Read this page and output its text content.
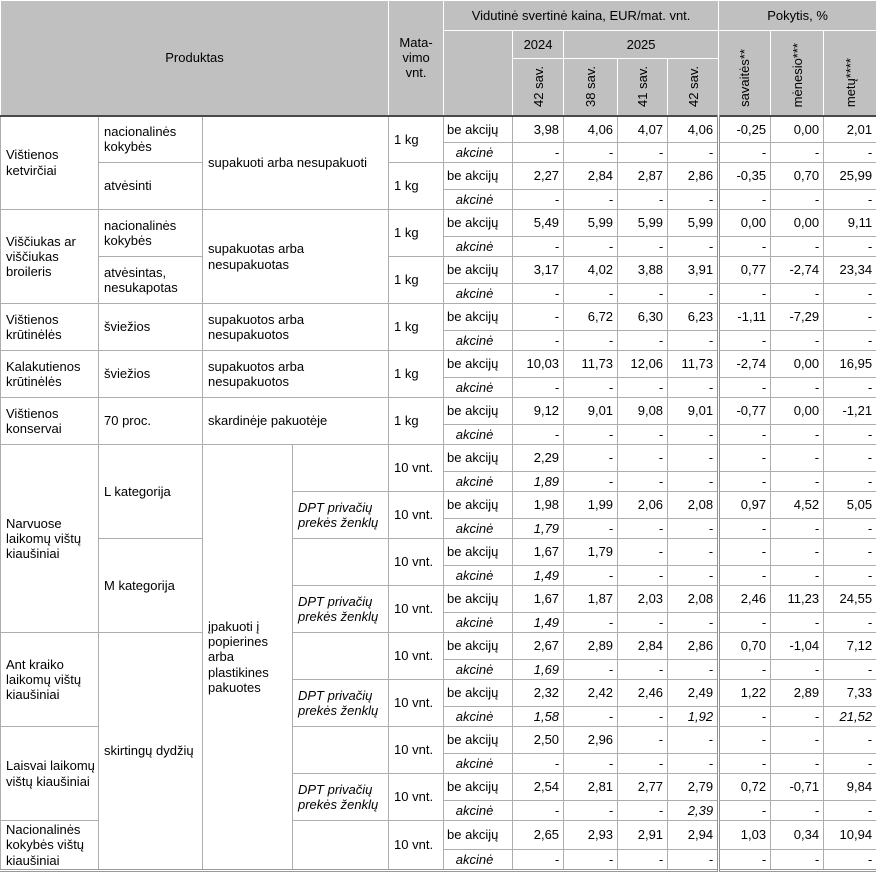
Produktas				Mata-vimo vnt.	Vidutinė svertinė kaina, EUR/mat. vnt.					Pokytis, %		
						2024	2025			savaitės**	mėnesio***	metų****
						42 sav.	38 sav.	41 sav.	42 sav.			
Vištienos ketvirčiai	nacionalinės kokybės	supakuoti arba nesupakuoti		1 kg	be akcijų	3,98	4,06	4,07	4,06	-0,25	0,00	2,01
					akcinė	-	-	-	-	-	-	-
	atvėsinti			1 kg	be akcijų	2,27	2,84	2,87	2,86	-0,35	0,70	25,99
					akcinė	-	-	-	-	-	-	-
Viščiukas ar viščiukas broileris	nacionalinės kokybės	supakuotas arba nesupakuotas		1 kg	be akcijų	5,49	5,99	5,99	5,99	0,00	0,00	9,11
					akcinė	-	-	-	-	-	-	-
	atvėsintas, nesukapotas			1 kg	be akcijų	3,17	4,02	3,88	3,91	0,77	-2,74	23,34
					akcinė	-	-	-	-	-	-	-
Vištienos krūtinėlės	šviežios	supakuotos arba nesupakuotos		1 kg	be akcijų	-	6,72	6,30	6,23	-1,11	-7,29	-
					akcinė	-	-	-	-	-	-	-
Kalakutienos krūtinėlės	šviežios	supakuotos arba nesupakuotos		1 kg	be akcijų	10,03	11,73	12,06	11,73	-2,74	0,00	16,95
					akcinė	-	-	-	-	-	-	-
Vištienos konservai	70 proc.	skardinėje pakuotėje		1 kg	be akcijų	9,12	9,01	9,08	9,01	-0,77	0,00	-1,21
					akcinė	-	-	-	-	-	-	-
Narvuose laikomų vištų kiaušiniai	L kategorija	įpakuoti į popierines arba plastikines pakuotes		10 vnt.	be akcijų	2,29	-	-	-	-	-	-
					akcinė	1,89	-	-	-	-	-	-
			DPT privačių prekės ženklų	10 vnt.	be akcijų	1,98	1,99	2,06	2,08	0,97	4,52	5,05
					akcinė	1,79	-	-	-	-	-	-
	M kategorija			10 vnt.	be akcijų	1,67	1,79	-	-	-	-	-
					akcinė	1,49	-	-	-	-	-	-
			DPT privačių prekės ženklų	10 vnt.	be akcijų	1,67	1,87	2,03	2,08	2,46	11,23	24,55
					akcinė	1,49	-	-	-	-	-	-
Ant kraiko laikomų vištų kiaušiniai	skirtingų dydžių			10 vnt.	be akcijų	2,67	2,89	2,84	2,86	0,70	-1,04	7,12
					akcinė	1,69	-	-	-	-	-	-
			DPT privačių prekės ženklų	10 vnt.	be akcijų	2,32	2,42	2,46	2,49	1,22	2,89	7,33
					akcinė	1,58	-	-	1,92	-	-	21,52
Laisvai laikomų vištų kiaušiniai				10 vnt.	be akcijų	2,50	2,96	-	-	-	-	-
					akcinė	-	-	-	-	-	-	-
			DPT privačių prekės ženklų	10 vnt.	be akcijų	2,54	2,81	2,77	2,79	0,72	-0,71	9,84
					akcinė	-	-	-	2,39	-	-	-
Nacionalinės kokybės vištų kiaušiniai				10 vnt.	be akcijų	2,65	2,93	2,91	2,94	1,03	0,34	10,94
					akcinė	-	-	-	-	-	-	-
